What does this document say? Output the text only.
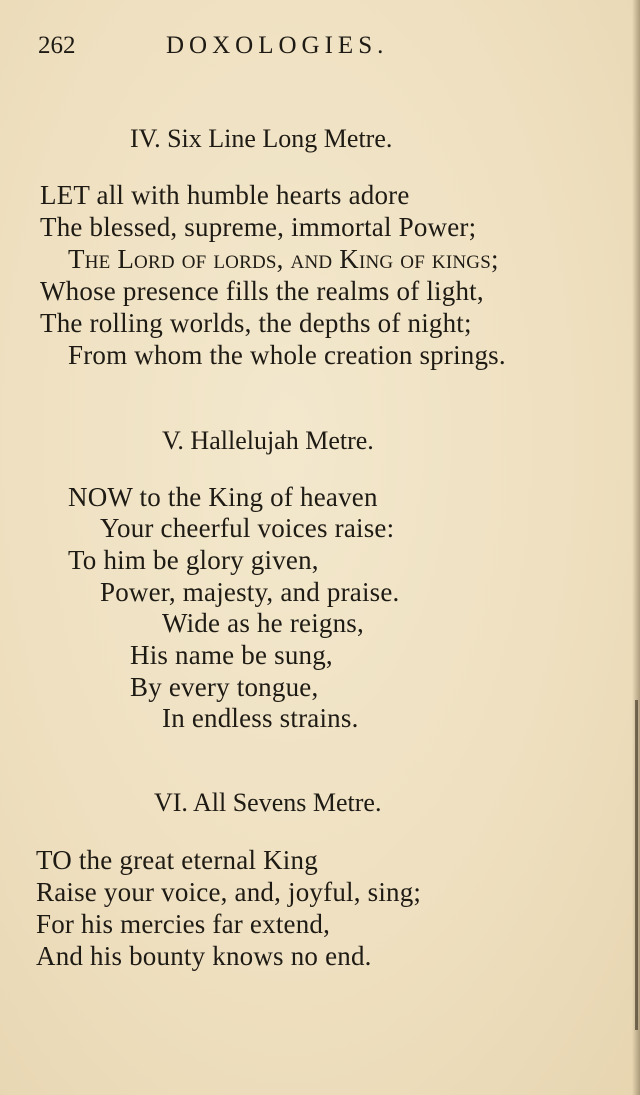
262	DOXOLOGIES.
IV. Six Line Long Metre.
LET all with humble hearts adore
The blessed, supreme, immortal Power;
The Lord of lords, and King of kings;
Whose presence fills the realms of light,
The rolling worlds, the depths of night;
From whom the whole creation springs.
V. Hallelujah Metre.
NOW to the King of heaven
Your cheerful voices raise:
To him be glory given,
Power, majesty, and praise.
Wide as he reigns,
His name be sung,
By every tongue,
In endless strains.
VI. All Sevens Metre.
TO the great eternal King
Raise your voice, and, joyful, sing;
For his mercies far extend,
And his bounty knows no end.
